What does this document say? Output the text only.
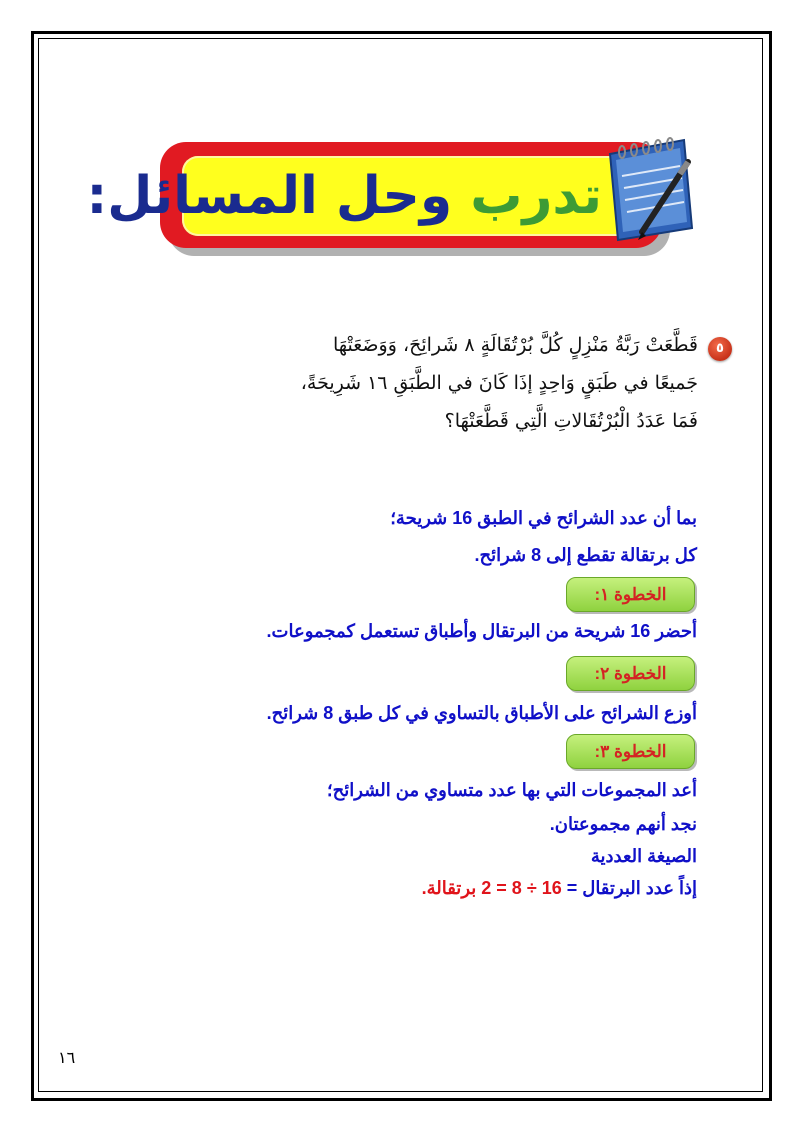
تدرب وحل المسائل:
٥
قَطَّعَتْ رَبَّةُ مَنْزِلٍ كُلَّ بُرْتُقَالَةٍ ٨ شَرائِحَ، وَوَضَعَتْهَا جَميعًا في طَبَقٍ وَاحِدٍ إذَا كَانَ في الطَّبَقِ ١٦ شَرِيحَةً، فَمَا عَدَدُ الْبُرْتُقَالاتِ الَّتِي قَطَّعَتْهَا؟
بما أن عدد الشرائح في الطبق 16 شريحة؛
كل برتقالة تقطع إلى 8 شرائح.
الخطوة ١:
أحضر 16 شريحة من البرتقال وأطباق تستعمل كمجموعات.
الخطوة ٢:
أوزع الشرائح على الأطباق بالتساوي في كل طبق 8 شرائح.
الخطوة ٣:
أعد المجموعات التي بها عدد متساوي من الشرائح؛
نجد أنهم مجموعتان.
الصيغة العددية
إذاً عدد البرتقال = 16 ÷ 8 = 2 برتقالة.
١٦
